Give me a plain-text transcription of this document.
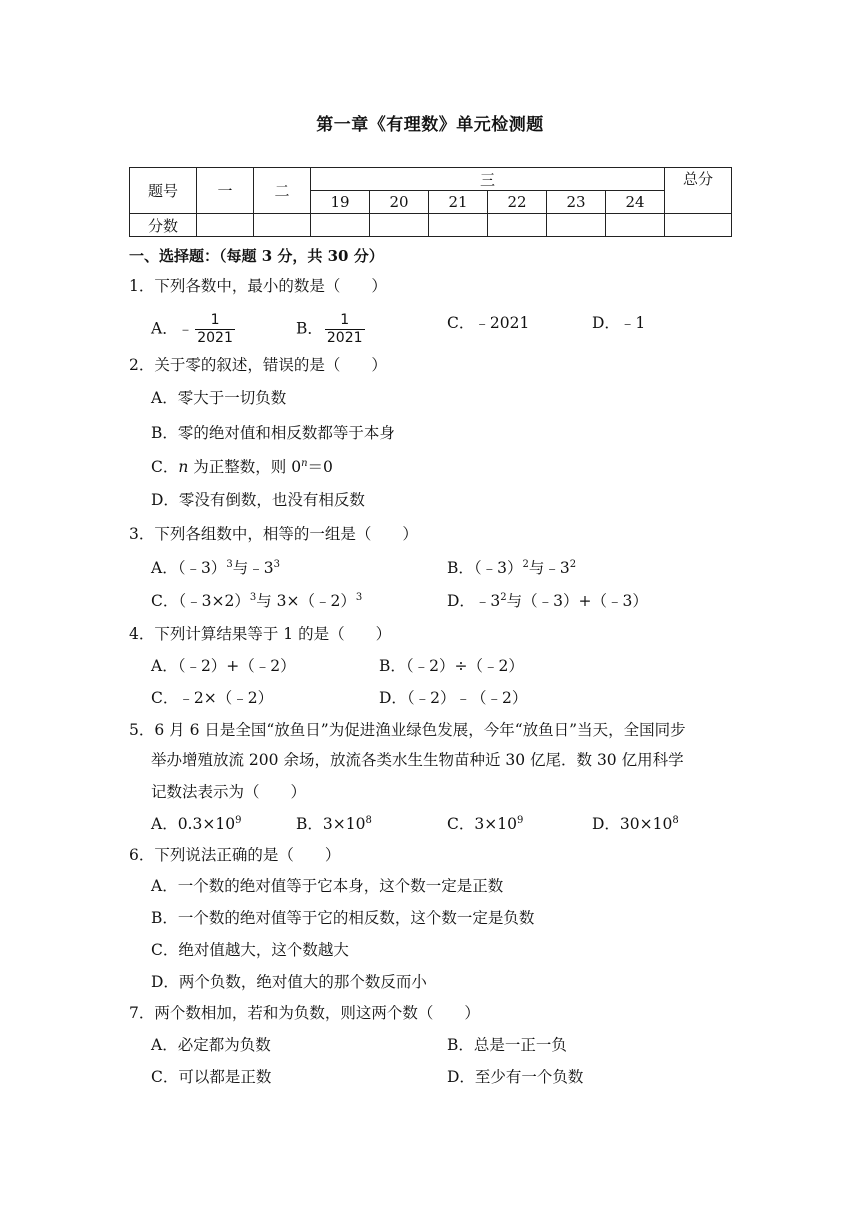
第一章《有理数》单元检测题
题号	一	二	三						总分
			19	20	21	22	23	24	
分数									
一、选择题：（每题 3 分，共 30 分）
1．下列各数中，最小的数是（　　）
A．﹣ $\frac{1}{2021}$	B． $\frac{1}{2021}$	C．﹣2021	D．﹣1
2．关于零的叙述，错误的是（　　）
A．零大于一切负数
B．零的绝对值和相反数都等于本身
C．n 为正整数，则 $0^n=0$
D．零没有倒数，也没有相反数
3．下列各组数中，相等的一组是（　　）
A．（﹣3）$^3$与$﹣3^3$	B．（﹣3）$^2$与$﹣3^2$
C．（﹣3×2）$^3$与 3×（﹣2）$^3$	D．$﹣3^2$与（﹣3）+（﹣3）
4．下列计算结果等于 1 的是（　　）
A．（﹣2）+（﹣2）	B．（﹣2）÷（﹣2）
C．﹣2×（﹣2）	D．（﹣2）﹣（﹣2）
5．6 月 6 日是全国“放鱼日”为促进渔业绿色发展，今年“放鱼日”当天，全国同步
举办增殖放流 200 余场，放流各类水生生物苗种近 30 亿尾．数 30 亿用科学
记数法表示为（　　）
A．$0.3\times 10^9$	B．$3\times 10^8$	C．$3\times 10^9$	D．$30\times 10^8$
6．下列说法正确的是（　　）
A．一个数的绝对值等于它本身，这个数一定是正数
B．一个数的绝对值等于它的相反数，这个数一定是负数
C．绝对值越大，这个数越大
D．两个负数，绝对值大的那个数反而小
7．两个数相加，若和为负数，则这两个数（　　）
A．必定都为负数	B．总是一正一负
C．可以都是正数	D．至少有一个负数
